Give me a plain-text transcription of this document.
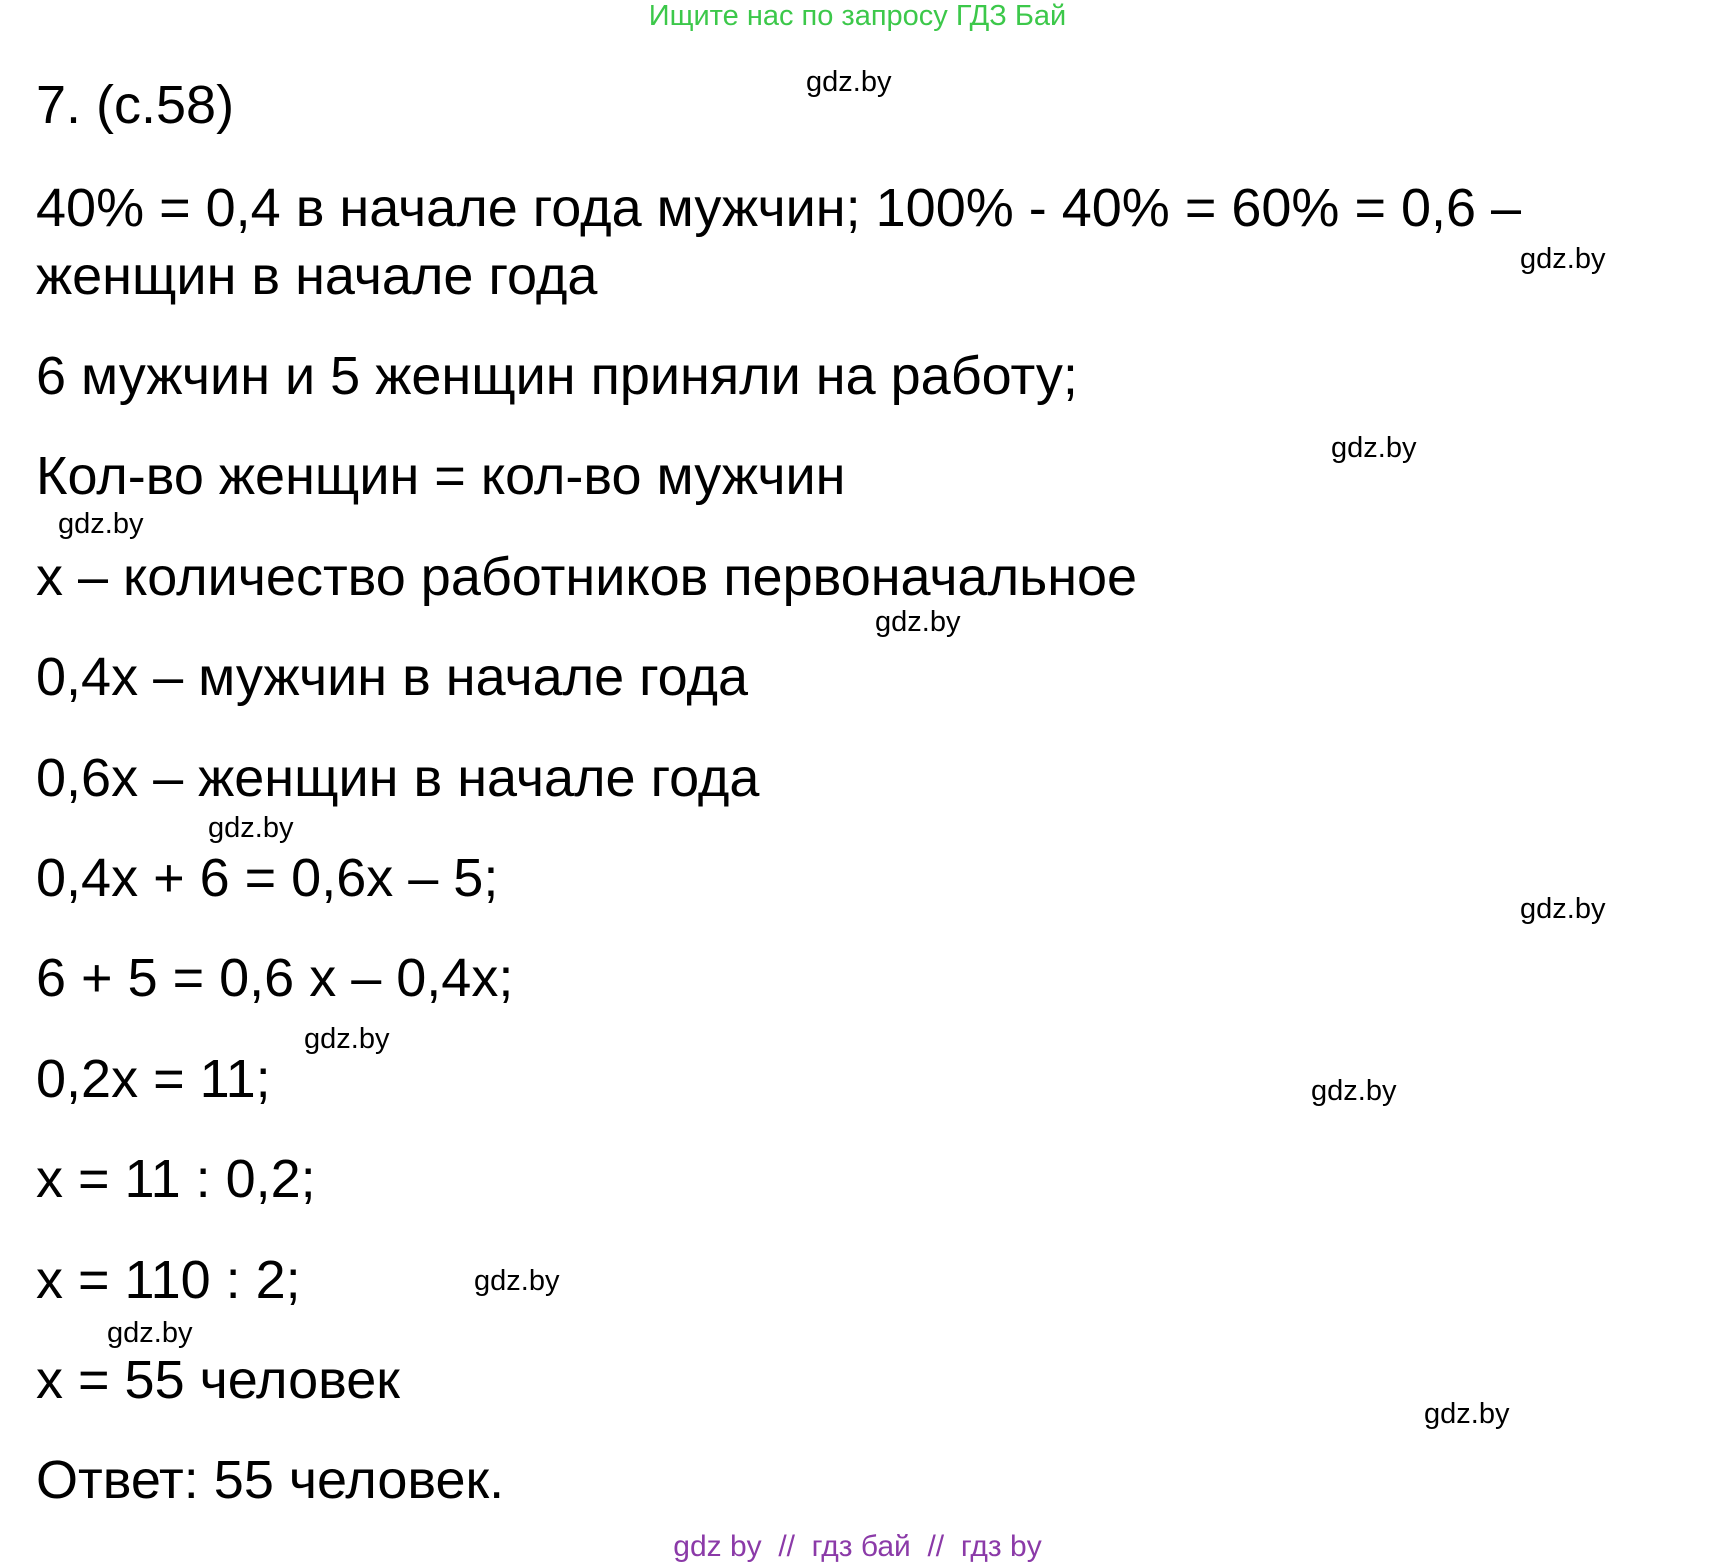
Ищите нас по запросу ГДЗ Бай
7. (с.58)
40% = 0,4 в начале года мужчин; 100% - 40% = 60% = 0,6 –
женщин в начале года
6 мужчин и 5 женщин приняли на работу;
Кол-во женщин = кол-во мужчин
x – количество работников первоначальное
0,4x – мужчин в начале года
0,6x – женщин в начале года
0,4x + 6 = 0,6x – 5;
6 + 5 = 0,6 x – 0,4x;
0,2x = 11;
x = 11 : 0,2;
x = 110 : 2;
x = 55 человек
Ответ: 55 человек.
gdz.by
gdz.by
gdz.by
gdz.by
gdz.by
gdz.by
gdz.by
gdz.by
gdz.by
gdz.by
gdz.by
gdz.by
gdz by  //  гдз бай  //  гдз by
